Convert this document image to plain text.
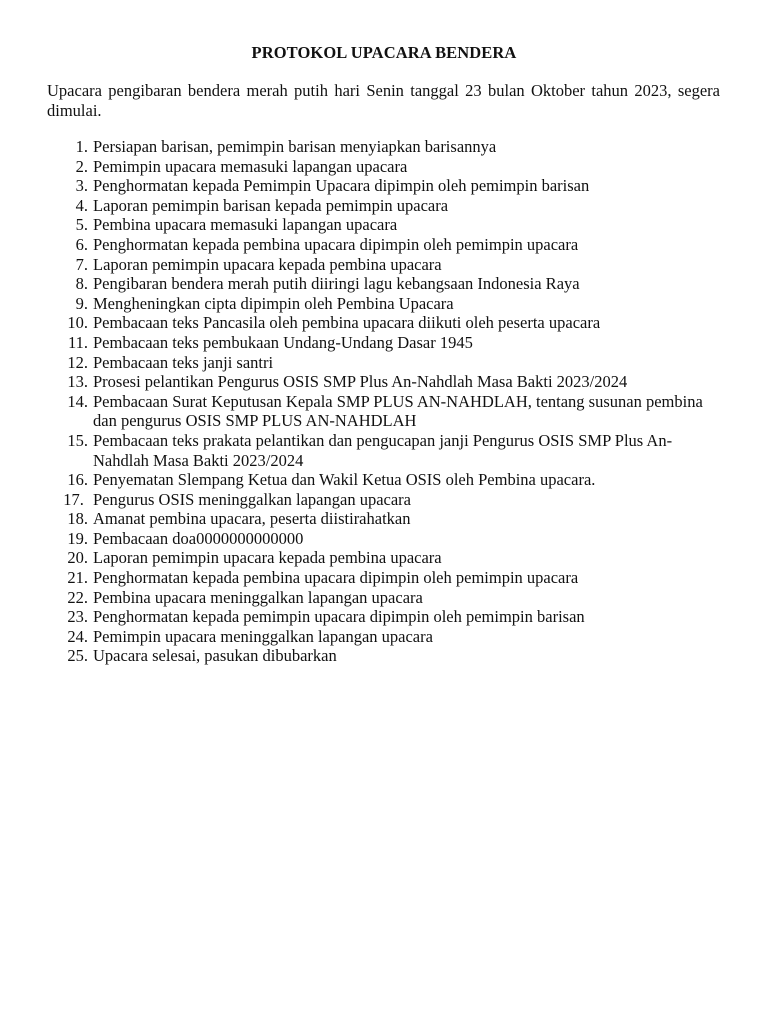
PROTOKOL UPACARA BENDERA
Upacara pengibaran bendera merah putih hari Senin tanggal 23 bulan Oktober tahun 2023, segera dimulai.
1. Persiapan barisan, pemimpin barisan menyiapkan barisannya
2. Pemimpin upacara memasuki lapangan upacara
3. Penghormatan kepada Pemimpin Upacara dipimpin oleh pemimpin barisan
4. Laporan pemimpin barisan kepada pemimpin upacara
5. Pembina upacara memasuki lapangan upacara
6. Penghormatan kepada pembina upacara dipimpin oleh pemimpin upacara
7. Laporan pemimpin upacara kepada pembina upacara
8. Pengibaran bendera merah putih diiringi lagu kebangsaan Indonesia Raya
9. Mengheningkan cipta dipimpin oleh Pembina Upacara
10. Pembacaan teks Pancasila oleh pembina upacara diikuti oleh peserta upacara
11. Pembacaan teks pembukaan Undang-Undang Dasar 1945
12. Pembacaan teks janji santri
13. Prosesi pelantikan Pengurus OSIS SMP Plus An-Nahdlah Masa Bakti 2023/2024
14. Pembacaan Surat Keputusan Kepala SMP PLUS AN-NAHDLAH, tentang susunan pembina dan pengurus OSIS SMP PLUS AN-NAHDLAH
15. Pembacaan teks prakata pelantikan dan pengucapan janji Pengurus OSIS SMP Plus An-Nahdlah Masa Bakti 2023/2024
16. Penyematan Slempang Ketua dan Wakil Ketua OSIS oleh Pembina upacara.
17. Pengurus OSIS meninggalkan lapangan upacara
18. Amanat pembina upacara, peserta diistirahatkan
19. Pembacaan doa0000000000000
20. Laporan pemimpin upacara kepada pembina upacara
21. Penghormatan kepada pembina upacara dipimpin oleh pemimpin upacara
22. Pembina upacara meninggalkan lapangan upacara
23. Penghormatan kepada pemimpin upacara dipimpin oleh pemimpin barisan
24. Pemimpin upacara meninggalkan lapangan upacara
25. Upacara selesai, pasukan dibubarkan
